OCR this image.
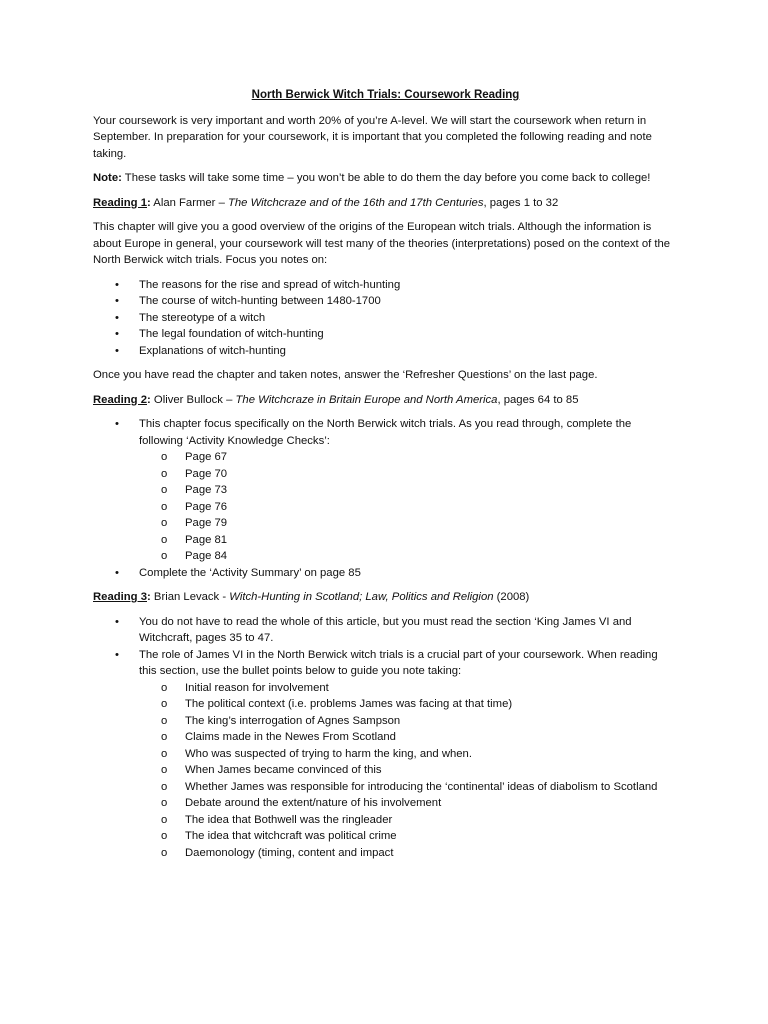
North Berwick Witch Trials: Coursework Reading

Your coursework is very important and worth 20% of you’re A-level. We will start the coursework when return in September. In preparation for your coursework, it is important that you completed the following reading and note taking.

Note: These tasks will take some time – you won’t be able to do them the day before you come back to college!

Reading 1: Alan Farmer – The Witchcraze and of the 16th and 17th Centuries, pages 1 to 32

This chapter will give you a good overview of the origins of the European witch trials. Although the information is about Europe in general, your coursework will test many of the theories (interpretations) posed on the context of the North Berwick witch trials. Focus you notes on:

• The reasons for the rise and spread of witch-hunting
• The course of witch-hunting between 1480-1700
• The stereotype of a witch
• The legal foundation of witch-hunting
• Explanations of witch-hunting

Once you have read the chapter and taken notes, answer the ‘Refresher Questions’ on the last page.

Reading 2: Oliver Bullock – The Witchcraze in Britain Europe and North America, pages 64 to 85

• This chapter focus specifically on the North Berwick witch trials. As you read through, complete the following ‘Activity Knowledge Checks’:
o Page 67
o Page 70
o Page 73
o Page 76
o Page 79
o Page 81
o Page 84
• Complete the ‘Activity Summary’ on page 85

Reading 3: Brian Levack - Witch-Hunting in Scotland; Law, Politics and Religion (2008)

• You do not have to read the whole of this article, but you must read the section ‘King James VI and Witchcraft, pages 35 to 47.
• The role of James VI in the North Berwick witch trials is a crucial part of your coursework. When reading this section, use the bullet points below to guide you note taking:
o Initial reason for involvement
o The political context (i.e. problems James was facing at that time)
o The king’s interrogation of Agnes Sampson
o Claims made in the Newes From Scotland
o Who was suspected of trying to harm the king, and when.
o When James became convinced of this
o Whether James was responsible for introducing the ‘continental’ ideas of diabolism to Scotland
o Debate around the extent/nature of his involvement
o The idea that Bothwell was the ringleader
o The idea that witchcraft was political crime
o Daemonology (timing, content and impact
